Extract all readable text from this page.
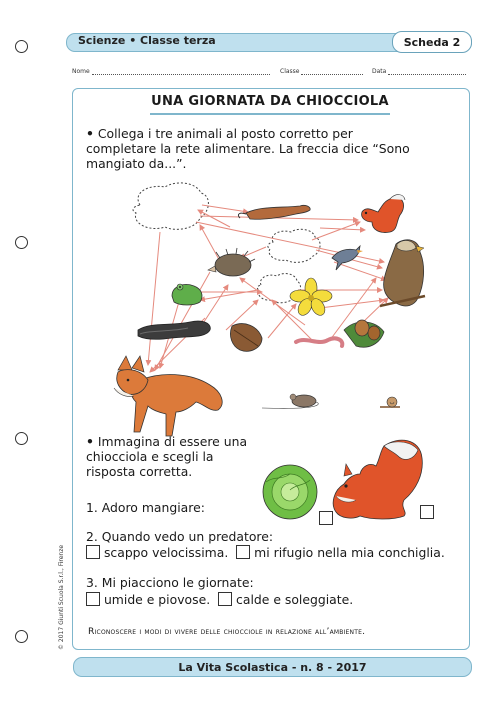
Scienze • Classe terza	Scheda 2
Nome	Classe	Data
UNA GIORNATA DA CHIOCCIOLA
• Collega i tre animali al posto corretto per
completare la rete alimentare. La freccia dice “Sono
mangiato da...”.
• Immagina di essere una
chiocciola e scegli la
risposta corretta.
1. Adoro mangiare:
2. Quando vedo un predatore:
scappo velocissima. mi rifugio nella mia conchiglia.
3. Mi piacciono le giornate:
umide e piovose. calde e soleggiate.
Riconoscere i modi di vivere delle chiocciole in relazione all’ambiente.
La Vita Scolastica - n. 8 - 2017
© 2017 Giunti Scuola S.r.l., Firenze
